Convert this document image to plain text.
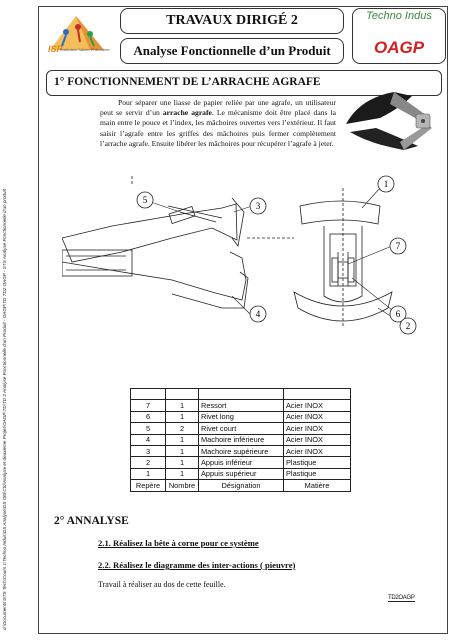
d:\Documents\STS Tech\Cours 1\Techno Indus\DS Analyse\DS Otd\Ctd\Analyse et deuxieme Projet\OAGP\TD\TD 2 Analyse Fonctionnelle d'un Produit - OAGP\TD TD2 OAGP - STS Analyse Fonctionnelle d'un produit
ISP
Institution Sainte Philomène
TRAVAUX DIRIGÉ 2
Analyse Fonctionnelle d’un Produit
Techno Indus
OAGP
1° FONCTIONNEMENT DE L’ARRACHE AGRAFE
Pour séparer une liasse de papier reliée par une agrafe, un utilisateur peut se servir d’un arrache agrafe. Le mécanisme doit être placé dans la main entre le pouce et l’index, les mâchoires ouvertes vers l’extérieur. Il faut saisir l’agrafe entre les griffes des mâchoires puis fermer complètement l’arrache agrafe. Ensuite libérer les mâchoires pour récupérer l’agrafe à jeter.
5
3
4
1
7
6
2

7	1	Ressort	Acier INOX
6	1	Rivet long	Acier INOX
5	2	Rivet court	Acier INOX
4	1	Machoire inférieure	Acier INOX
3	1	Machoire supérieure	Acier INOX
2	1	Appuis inférieur	Plastique
1	1	Appuis supérieur	Plastique
Repère	Nombre	Désignation	Matière
2° ANNALYSE
2.1. Réalisez la bête à corne pour ce système
2.2. Réalisez le diagramme des inter-actions ( pieuvre)
Travail à réaliser au dos de cette feuille.
TD2OAGP
